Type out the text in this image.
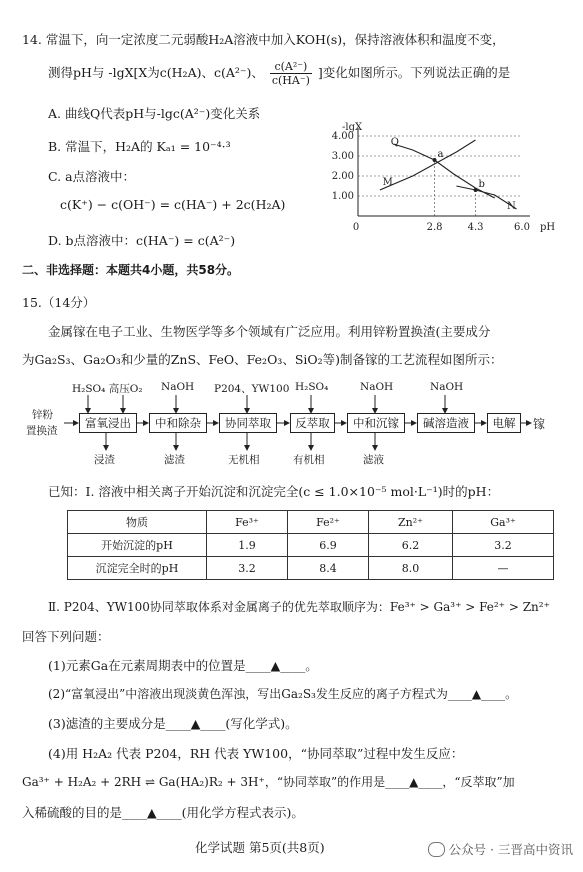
14. 常温下，向一定浓度二元弱酸H₂A溶液中加入KOH(s)，保持溶液体积和温度不变，
测得pH与 -lgX[X为c(H₂A)、c(A²⁻)、 $\frac{\text{c(A²⁻)}}{c(HA^-)}$ ]变化如图所示。下列说法正确的是
A. 曲线Q代表pH与-lgc(A²⁻)变化关系
B. 常温下，H₂A的 Kₐ₁ = 10⁻⁴·³
C. a点溶液中：
c(K⁺) − c(OH⁻) = c(HA⁻) + 2c(H₂A)
D. b点溶液中：c(HA⁻) = c(A²⁻)
-lgX
1.00
2.00
3.00
4.00
0	2.8	4.3	6.0 pH
Q
M
N
a
b
二、非选择题：本题共4小题，共58分。
15.（14分）
金属镓在电子工业、生物医学等多个领域有广泛应用。利用锌粉置换渣(主要成分
为Ga₂S₃、Ga₂O₃和少量的ZnS、FeO、Fe₂O₃、SiO₂等)制备镓的工艺流程如图所示：
锌粉
置换渣
富氧浸出	中和除杂	协同萃取	反萃取	中和沉镓	碱溶造液	电解	镓
H₂SO₄ 高压O₂ NaOH P204、YW100 H₂SO₄	NaOH	NaOH
浸渣	滤渣	无机相	有机相	滤液
已知：Ⅰ. 溶液中相关离子开始沉淀和沉淀完全(c ≤ 1.0×10⁻⁵ mol·L⁻¹)时的pH：
物质	Fe³⁺	Fe²⁺	Zn²⁺	Ga³⁺
开始沉淀的pH	1.9	6.9	6.2	3.2
沉淀完全时的pH	3.2	8.4	8.0	—
Ⅱ. P204、YW100协同萃取体系对金属离子的优先萃取顺序为：Fe³⁺ > Ga³⁺ > Fe²⁺ > Zn²⁺
回答下列问题：
(1)元素Ga在元素周期表中的位置是____▲____。
(2)“富氧浸出”中溶液出现淡黄色浑浊，写出Ga₂S₃发生反应的离子方程式为____▲____。
(3)滤渣的主要成分是____▲____(写化学式)。
(4)用 H₂A₂ 代表 P204，RH 代表 YW100，“协同萃取”过程中发生反应：
Ga³⁺ + H₂A₂ + 2RH ⇌ Ga(HA₂)R₂ + 3H⁺，“协同萃取”的作用是____▲____，“反萃取”加
入稀硫酸的目的是____▲____(用化学方程式表示)。
化学试题 第5页(共8页)	公众号 · 三晋高中资讯
